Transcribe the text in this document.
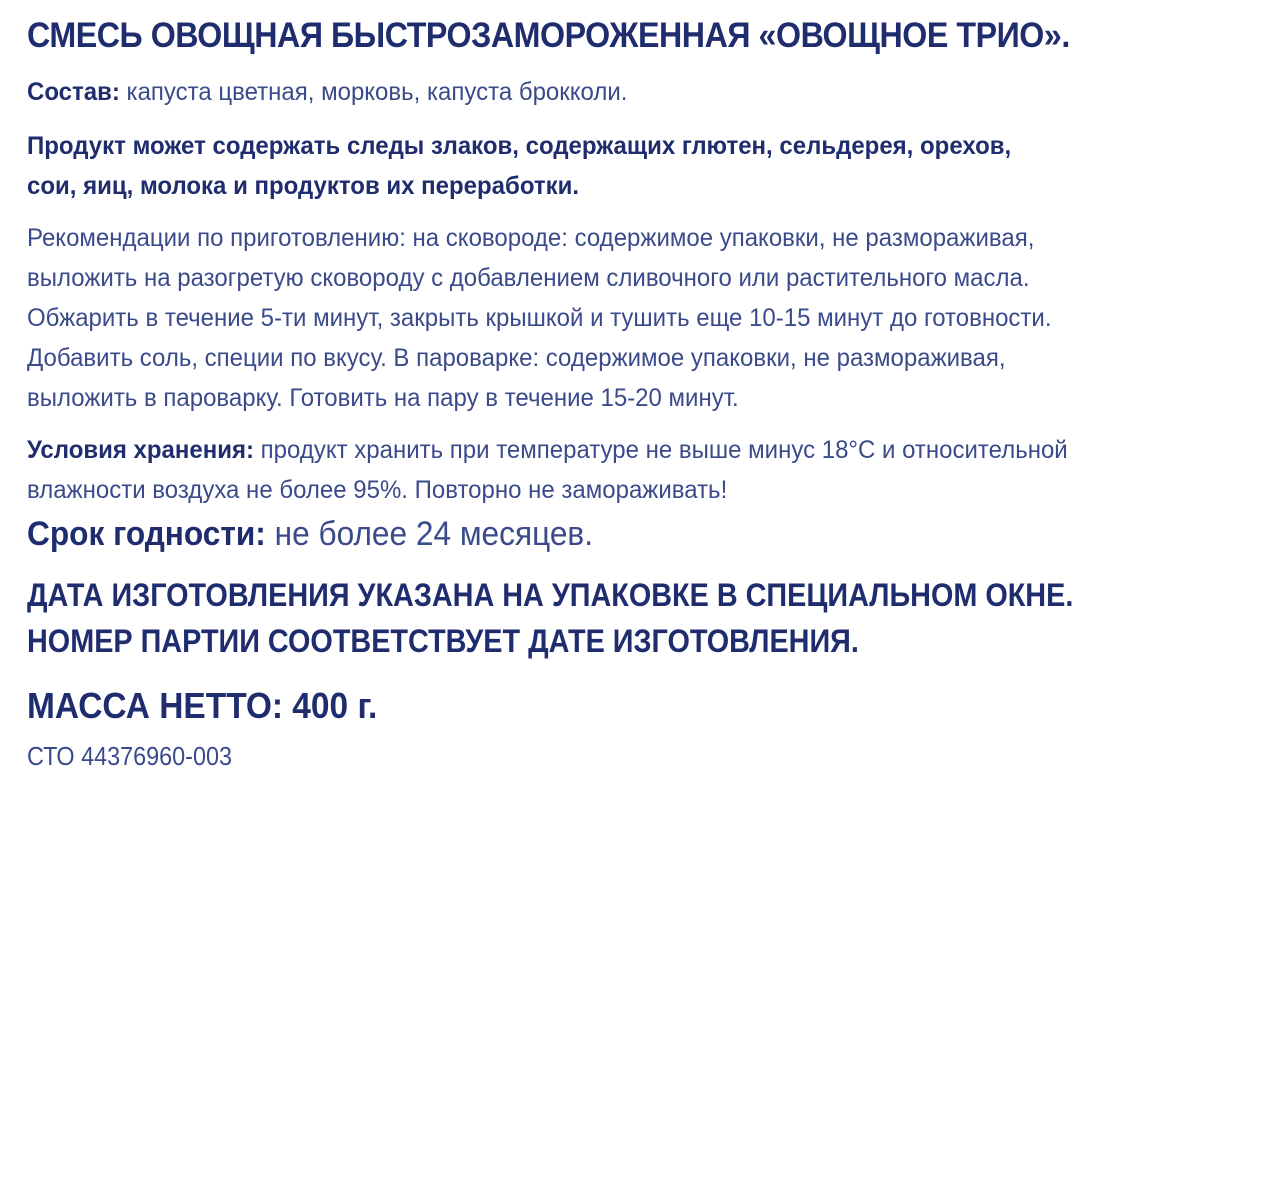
СМЕСЬ ОВОЩНАЯ БЫСТРОЗАМОРОЖЕННАЯ «ОВОЩНОЕ ТРИО».
Состав: капуста цветная, морковь, капуста брокколи.
Продукт может содержать следы злаков, содержащих глютен, сельдерея, орехов,
сои, яиц, молока и продуктов их переработки.
Рекомендации по приготовлению: на сковороде: содержимое упаковки, не размораживая,
выложить на разогретую сковороду с добавлением сливочного или растительного масла.
Обжарить в течение 5-ти минут, закрыть крышкой и тушить еще 10-15 минут до готовности.
Добавить соль, специи по вкусу. В пароварке: содержимое упаковки, не размораживая,
выложить в пароварку. Готовить на пару в течение 15-20 минут.
Условия хранения: продукт хранить при температуре не выше минус 18°С и относительной
влажности воздуха не более 95%. Повторно не замораживать!
Срок годности: не более 24 месяцев.
ДАТА ИЗГОТОВЛЕНИЯ УКАЗАНА НА УПАКОВКЕ В СПЕЦИАЛЬНОМ ОКНЕ.
НОМЕР ПАРТИИ СООТВЕТСТВУЕТ ДАТЕ ИЗГОТОВЛЕНИЯ.
МАССА НЕТТО: 400 г.
СТО 44376960-003
